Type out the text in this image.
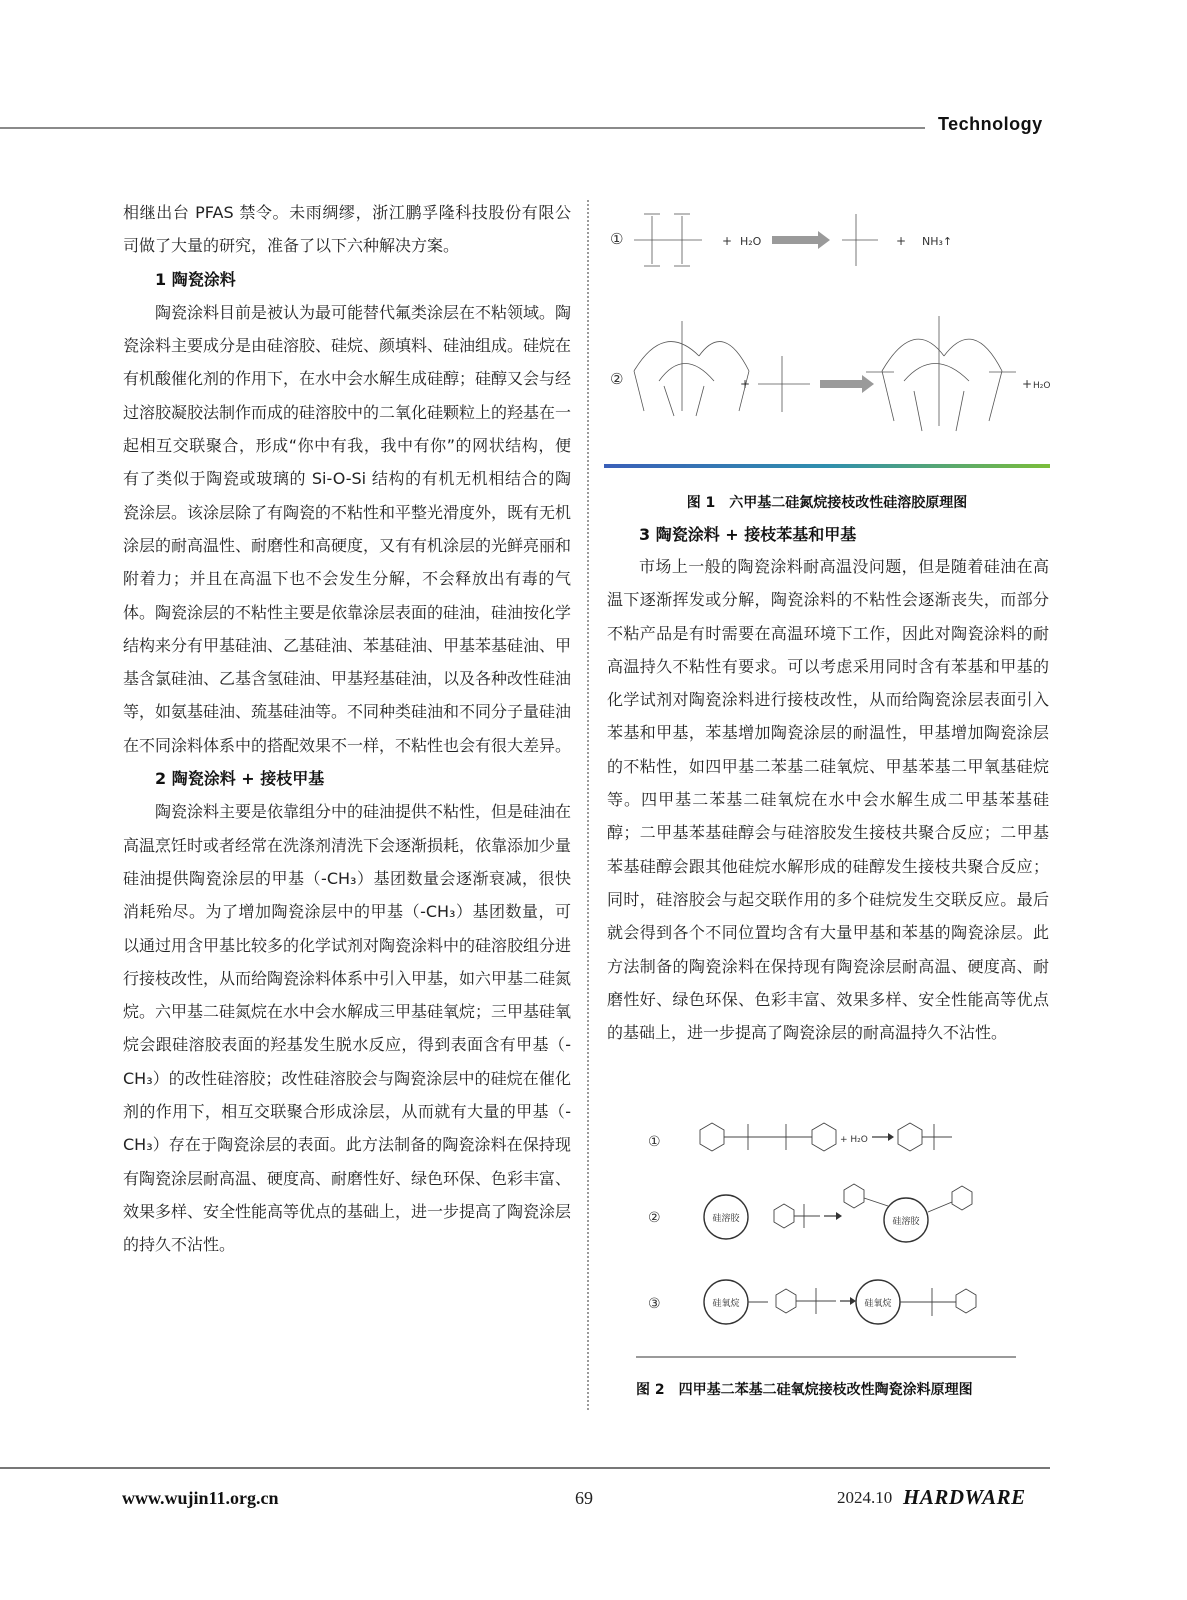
Technology

相继出台 PFAS 禁令。未雨绸缪，浙江鹏孚隆科技股份有限公司做了大量的研究，准备了以下六种解决方案。

1 陶瓷涂料

陶瓷涂料目前是被认为最可能替代氟类涂层在不粘领域。陶瓷涂料主要成分是由硅溶胶、硅烷、颜填料、硅油组成。硅烷在有机酸催化剂的作用下，在水中会水解生成硅醇；硅醇又会与经过溶胶凝胶法制作而成的硅溶胶中的二氧化硅颗粒上的羟基在一起相互交联聚合，形成“你中有我，我中有你”的网状结构，便有了类似于陶瓷或玻璃的 Si-O-Si 结构的有机无机相结合的陶瓷涂层。该涂层除了有陶瓷的不粘性和平整光滑度外，既有无机涂层的耐高温性、耐磨性和高硬度，又有有机涂层的光鲜亮丽和附着力；并且在高温下也不会发生分解，不会释放出有毒的气体。陶瓷涂层的不粘性主要是依靠涂层表面的硅油，硅油按化学结构来分有甲基硅油、乙基硅油、苯基硅油、甲基苯基硅油、甲基含氯硅油、乙基含氢硅油、甲基羟基硅油，以及各种改性硅油等，如氨基硅油、巯基硅油等。不同种类硅油和不同分子量硅油在不同涂料体系中的搭配效果不一样，不粘性也会有很大差异。

2 陶瓷涂料 + 接枝甲基

陶瓷涂料主要是依靠组分中的硅油提供不粘性，但是硅油在高温烹饪时或者经常在洗涤剂清洗下会逐渐损耗，依靠添加少量硅油提供陶瓷涂层的甲基（-CH₃）基团数量会逐渐衰减，很快消耗殆尽。为了增加陶瓷涂层中的甲基（-CH₃）基团数量，可以通过用含甲基比较多的化学试剂对陶瓷涂料中的硅溶胶组分进行接枝改性，从而给陶瓷涂料体系中引入甲基，如六甲基二硅氮烷。六甲基二硅氮烷在水中会水解成三甲基硅氧烷；三甲基硅氧烷会跟硅溶胶表面的羟基发生脱水反应，得到表面含有甲基（-CH₃）的改性硅溶胶；改性硅溶胶会与陶瓷涂层中的硅烷在催化剂的作用下，相互交联聚合形成涂层，从而就有大量的甲基（-CH₃）存在于陶瓷涂层的表面。此方法制备的陶瓷涂料在保持现有陶瓷涂层耐高温、硬度高、耐磨性好、绿色环保、色彩丰富、效果多样、安全性能高等优点的基础上，进一步提高了陶瓷涂层的持久不沾性。

①	+ H₂O	+ NH₃↑
②	+	+ H₂O
图 1　六甲基二硅氮烷接枝改性硅溶胶原理图

3 陶瓷涂料 + 接枝苯基和甲基

市场上一般的陶瓷涂料耐高温没问题，但是随着硅油在高温下逐渐挥发或分解，陶瓷涂料的不粘性会逐渐丧失，而部分不粘产品是有时需要在高温环境下工作，因此对陶瓷涂料的耐高温持久不粘性有要求。可以考虑采用同时含有苯基和甲基的化学试剂对陶瓷涂料进行接枝改性，从而给陶瓷涂层表面引入苯基和甲基，苯基增加陶瓷涂层的耐温性，甲基增加陶瓷涂层的不粘性，如四甲基二苯基二硅氧烷、甲基苯基二甲氧基硅烷等。四甲基二苯基二硅氧烷在水中会水解生成二甲基苯基硅醇；二甲基苯基硅醇会与硅溶胶发生接枝共聚合反应；二甲基苯基硅醇会跟其他硅烷水解形成的硅醇发生接枝共聚合反应；同时，硅溶胶会与起交联作用的多个硅烷发生交联反应。最后就会得到各个不同位置均含有大量甲基和苯基的陶瓷涂层。此方法制备的陶瓷涂料在保持现有陶瓷涂层耐高温、硬度高、耐磨性好、绿色环保、色彩丰富、效果多样、安全性能高等优点的基础上，进一步提高了陶瓷涂层的耐高温持久不沾性。

①	+ H₂O
②	硅溶胶	硅溶胶
③	硅氧烷	硅氧烷
图 2　四甲基二苯基二硅氧烷接枝改性陶瓷涂料原理图
www.wujin11.org.cn	69	2024.10 HARDWARE
